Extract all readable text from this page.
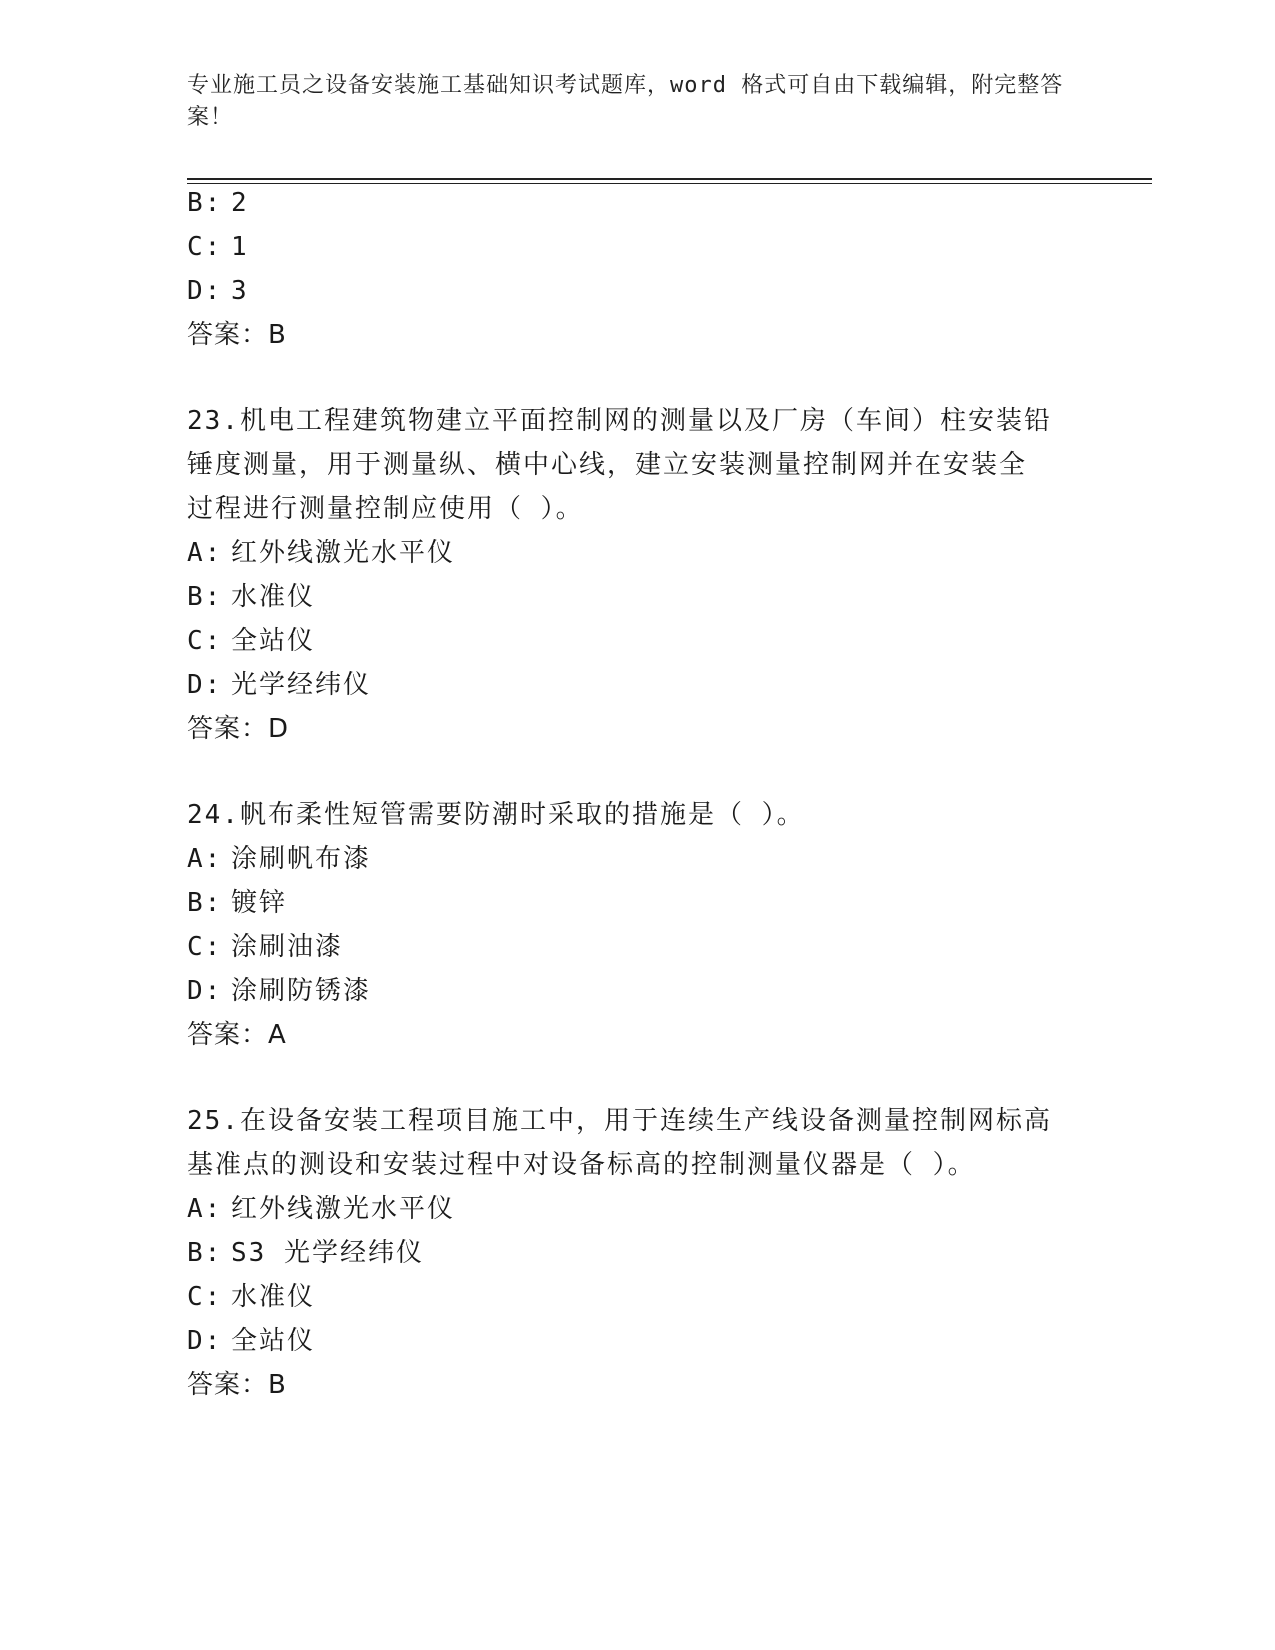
专业施工员之设备安装施工基础知识考试题库，word 格式可自由下载编辑，附完整答案！
B: 2
C: 1
D: 3
答案：B
23.机电工程建筑物建立平面控制网的测量以及厂房（车间）柱安装铅
锤度测量，用于测量纵、横中心线，建立安装测量控制网并在安装全
过程进行测量控制应使用（ ）。
A: 红外线激光水平仪
B: 水准仪
C: 全站仪
D: 光学经纬仪
答案：D
24.帆布柔性短管需要防潮时采取的措施是（ ）。
A: 涂刷帆布漆
B: 镀锌
C: 涂刷油漆
D: 涂刷防锈漆
答案：A
25.在设备安装工程项目施工中，用于连续生产线设备测量控制网标高
基准点的测设和安装过程中对设备标高的控制测量仪器是（ ）。
A: 红外线激光水平仪
B: S3 光学经纬仪
C: 水准仪
D: 全站仪
答案：B
